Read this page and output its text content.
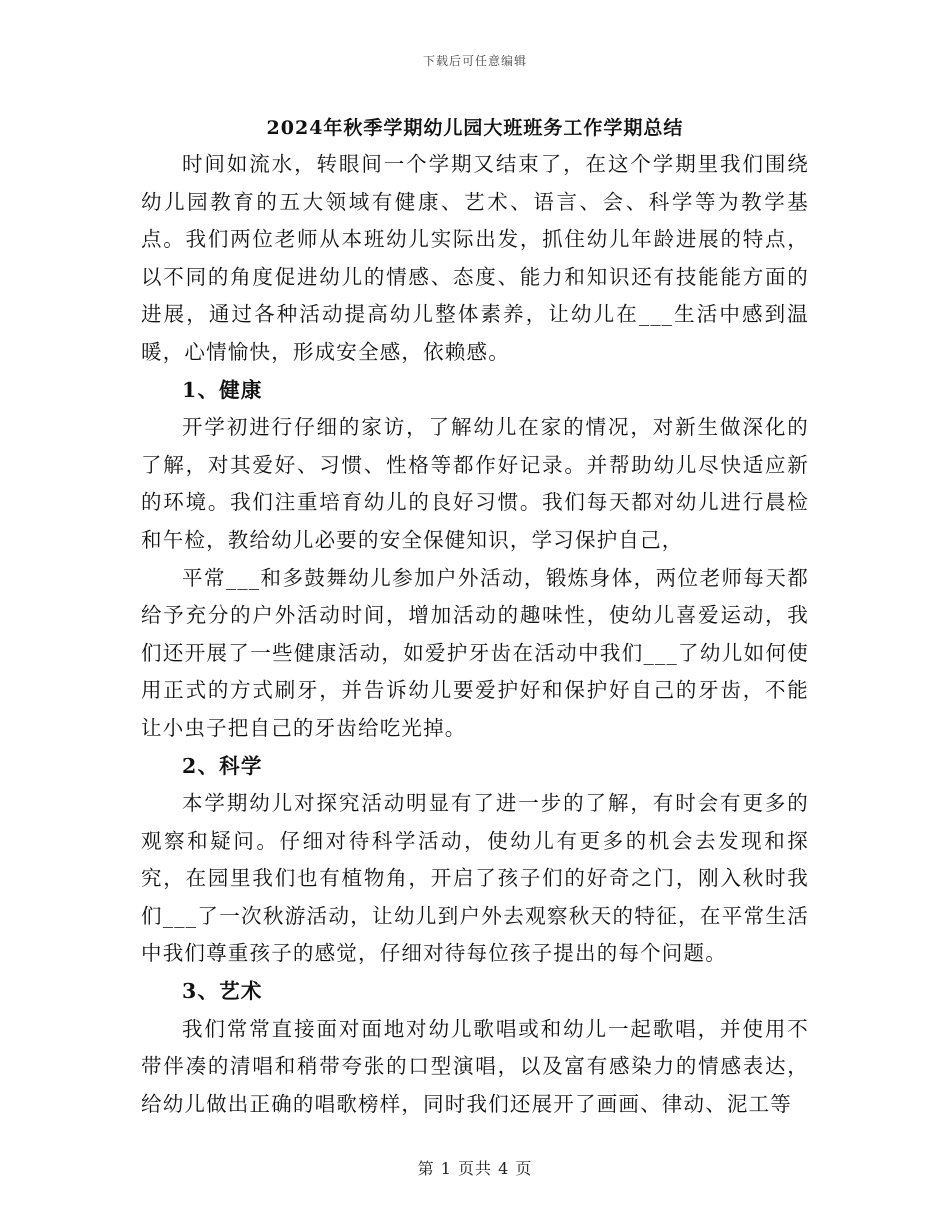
下载后可任意编辑
2024年秋季学期幼儿园大班班务工作学期总结

时间如流水，转眼间一个学期又结束了，在这个学期里我们围绕幼儿园教育的五大领域有健康、艺术、语言、会、科学等为教学基点。我们两位老师从本班幼儿实际出发，抓住幼儿年龄进展的特点，以不同的角度促进幼儿的情感、态度、能力和知识还有技能能方面的进展，通过各种活动提高幼儿整体素养，让幼儿在___生活中感到温暖，心情愉快，形成安全感，依赖感。

1、健康

开学初进行仔细的家访，了解幼儿在家的情况，对新生做深化的了解，对其爱好、习惯、性格等都作好记录。并帮助幼儿尽快适应新的环境。我们注重培育幼儿的良好习惯。我们每天都对幼儿进行晨检和午检，教给幼儿必要的安全保健知识，学习保护自己，

平常___和多鼓舞幼儿参加户外活动，锻炼身体，两位老师每天都给予充分的户外活动时间，增加活动的趣味性，使幼儿喜爱运动，我们还开展了一些健康活动，如爱护牙齿在活动中我们___了幼儿如何使用正式的方式刷牙，并告诉幼儿要爱护好和保护好自己的牙齿，不能让小虫子把自己的牙齿给吃光掉。

2、科学

本学期幼儿对探究活动明显有了进一步的了解，有时会有更多的观察和疑问。仔细对待科学活动，使幼儿有更多的机会去发现和探究，在园里我们也有植物角，开启了孩子们的好奇之门，刚入秋时我们___了一次秋游活动，让幼儿到户外去观察秋天的特征，在平常生活中我们尊重孩子的感觉，仔细对待每位孩子提出的每个问题。

3、艺术

我们常常直接面对面地对幼儿歌唱或和幼儿一起歌唱，并使用不带伴凑的清唱和稍带夸张的口型演唱，以及富有感染力的情感表达，给幼儿做出正确的唱歌榜样，同时我们还展开了画画、律动、泥工等

第 1 页共 4 页
